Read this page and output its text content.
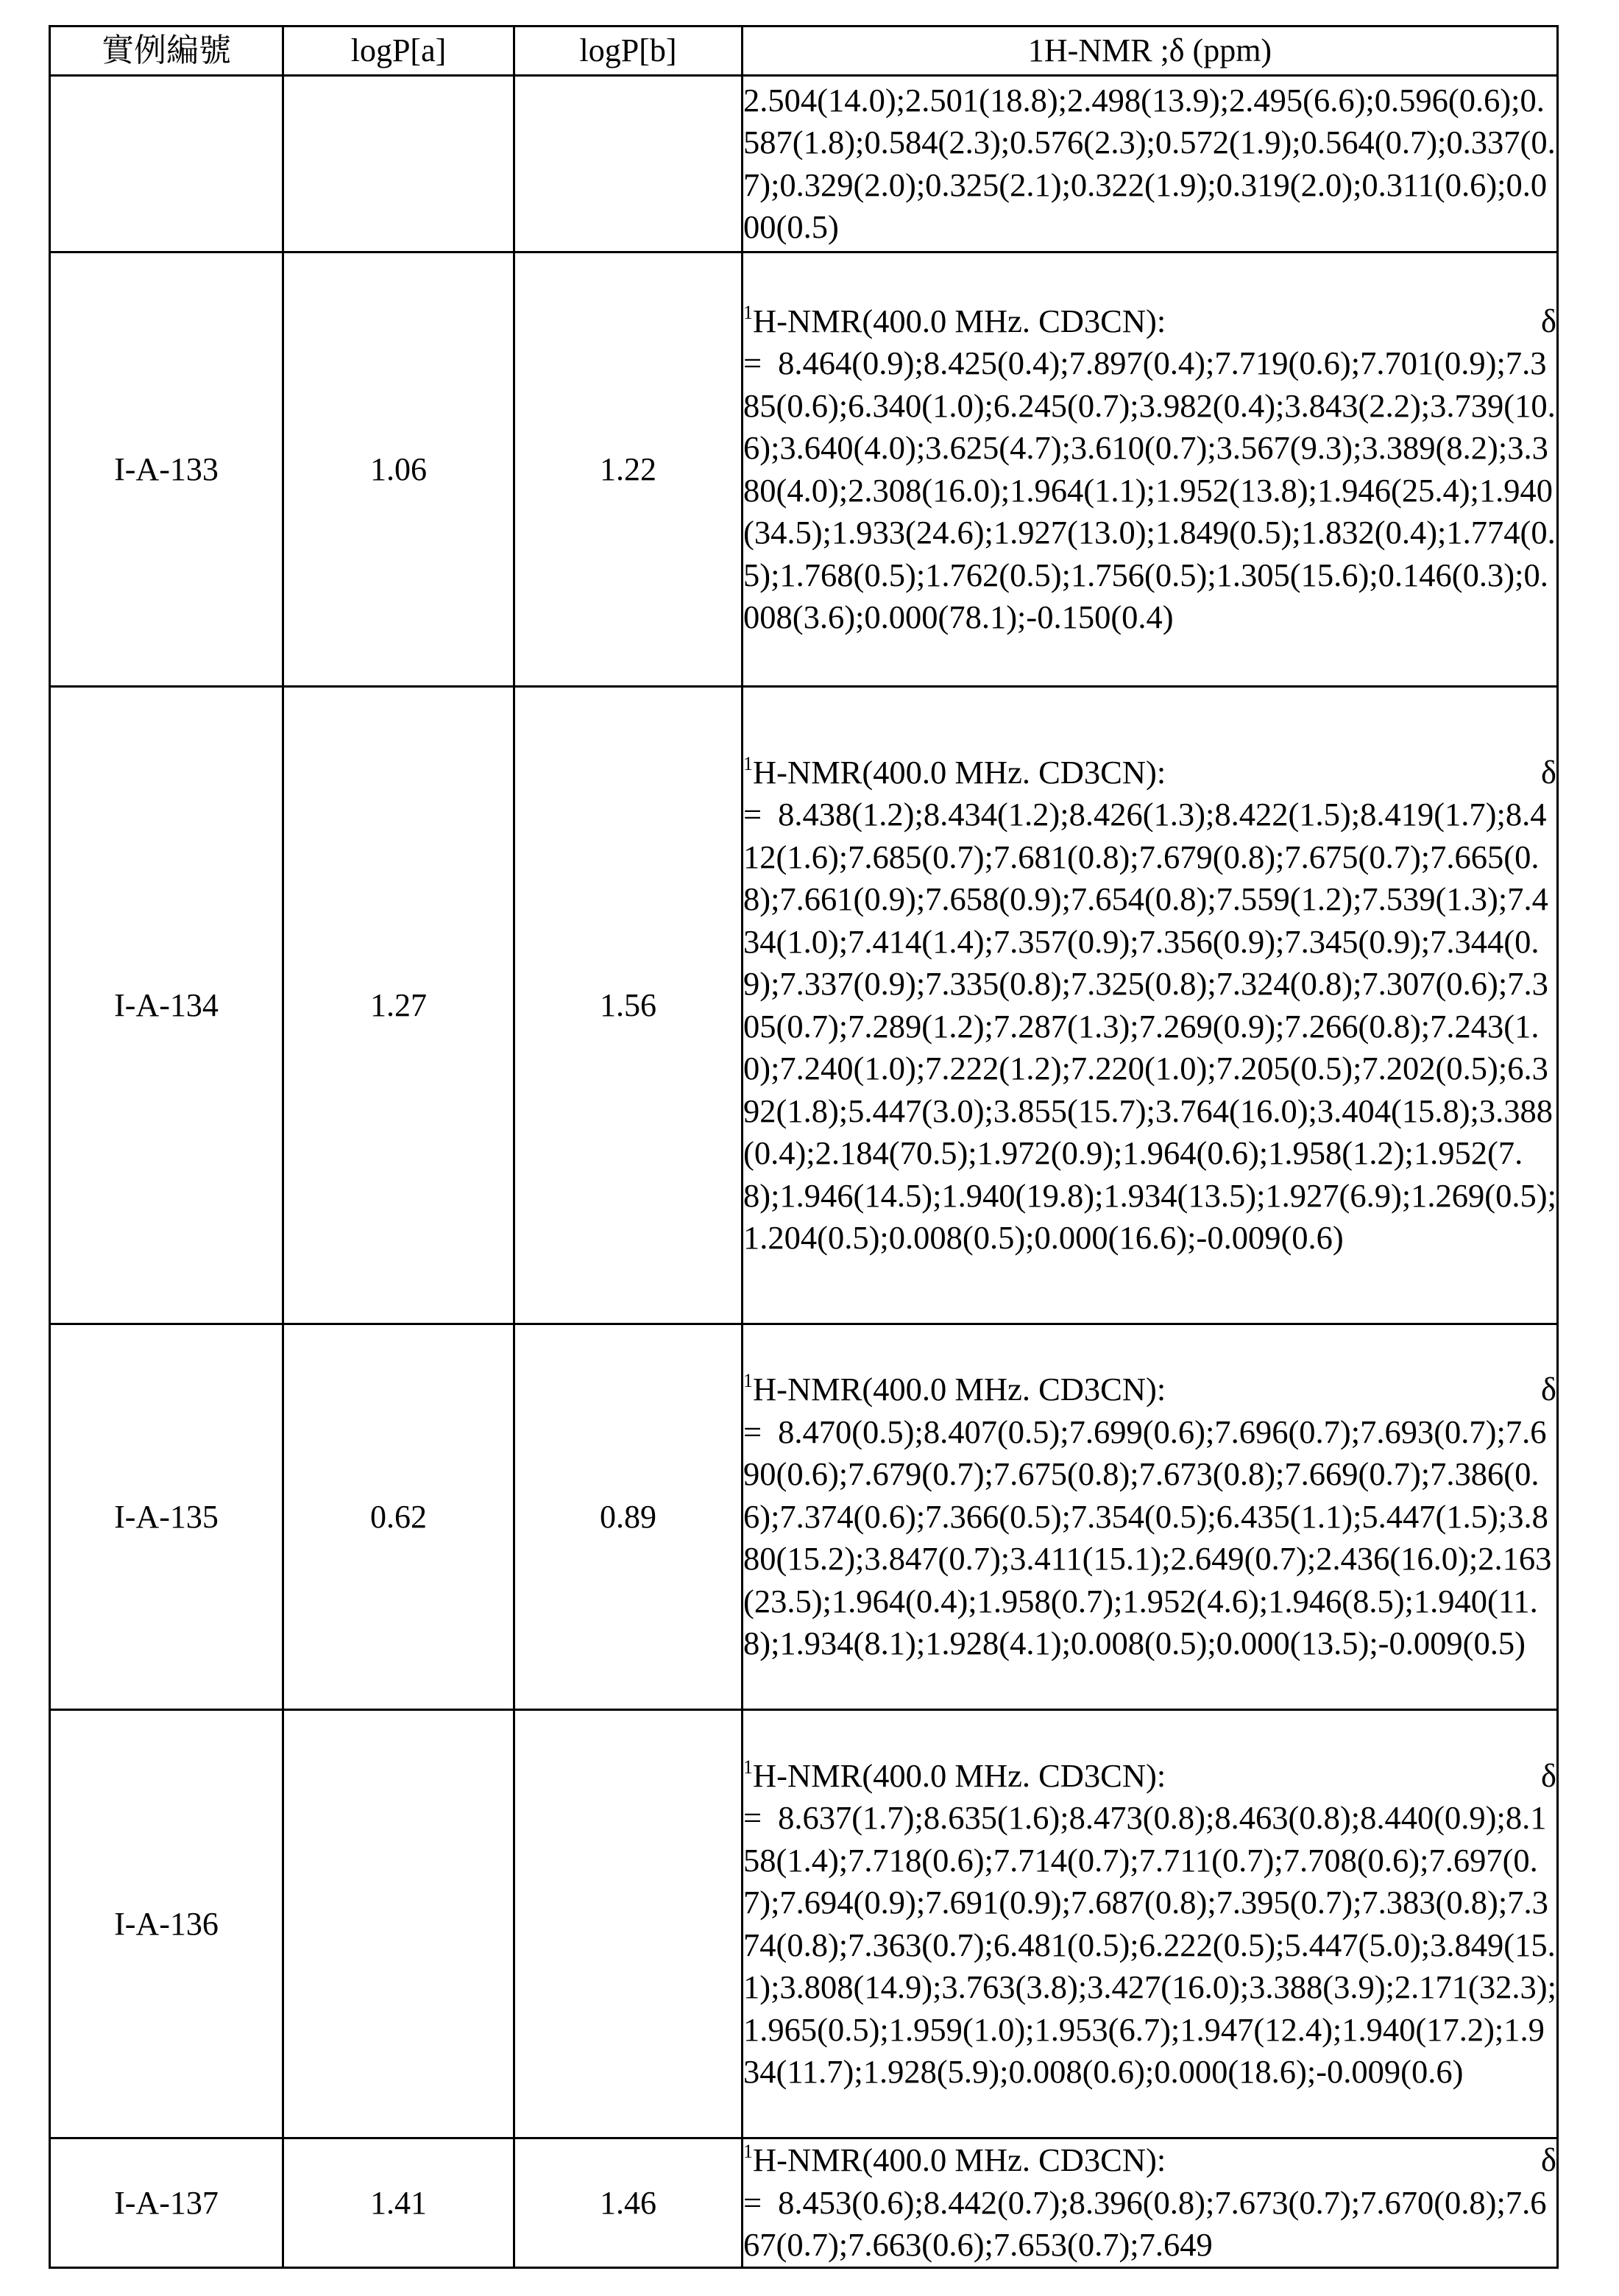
實例編號	logP[a]	logP[b]	1H-NMR ;δ (ppm)
			2.504(14.0);2.501(18.8);2.498(13.9);2.495(6.6);0.596(0.6);0.587(1.8);0.584(2.3);0.576(2.3);0.572(1.9);0.564(0.7);0.337(0.7);0.329(2.0);0.325(2.1);0.322(1.9);0.319(2.0);0.311(0.6);0.000(0.5)
I-A-133	1.06	1.22	$^1$H-NMR(400.0 MHz. CD3CN): δ
= 8.464(0.9);8.425(0.4);7.897(0.4);7.719(0.6);7.701(0.9);7.385(0.6);6.340(1.0);6.245(0.7);3.982(0.4);3.843(2.2);3.739(10.6);3.640(4.0);3.625(4.7);3.610(0.7);3.567(9.3);3.389(8.2);3.380(4.0);2.308(16.0);1.964(1.1);1.952(13.8);1.946(25.4);1.940(34.5);1.933(24.6);1.927(13.0);1.849(0.5);1.832(0.4);1.774(0.5);1.768(0.5);1.762(0.5);1.756(0.5);1.305(15.6);0.146(0.3);0.008(3.6);0.000(78.1);-0.150(0.4)
I-A-134	1.27	1.56	$^1$H-NMR(400.0 MHz. CD3CN): δ
= 8.438(1.2);8.434(1.2);8.426(1.3);8.422(1.5);8.419(1.7);8.412(1.6);7.685(0.7);7.681(0.8);7.679(0.8);7.675(0.7);7.665(0.8);7.661(0.9);7.658(0.9);7.654(0.8);7.559(1.2);7.539(1.3);7.434(1.0);7.414(1.4);7.357(0.9);7.356(0.9);7.345(0.9);7.344(0.9);7.337(0.9);7.335(0.8);7.325(0.8);7.324(0.8);7.307(0.6);7.305(0.7);7.289(1.2);7.287(1.3);7.269(0.9);7.266(0.8);7.243(1.0);7.240(1.0);7.222(1.2);7.220(1.0);7.205(0.5);7.202(0.5);6.392(1.8);5.447(3.0);3.855(15.7);3.764(16.0);3.404(15.8);3.388(0.4);2.184(70.5);1.972(0.9);1.964(0.6);1.958(1.2);1.952(7.8);1.946(14.5);1.940(19.8);1.934(13.5);1.927(6.9);1.269(0.5);1.204(0.5);0.008(0.5);0.000(16.6);-0.009(0.6)
I-A-135	0.62	0.89	$^1$H-NMR(400.0 MHz. CD3CN): δ
= 8.470(0.5);8.407(0.5);7.699(0.6);7.696(0.7);7.693(0.7);7.690(0.6);7.679(0.7);7.675(0.8);7.673(0.8);7.669(0.7);7.386(0.6);7.374(0.6);7.366(0.5);7.354(0.5);6.435(1.1);5.447(1.5);3.880(15.2);3.847(0.7);3.411(15.1);2.649(0.7);2.436(16.0);2.163(23.5);1.964(0.4);1.958(0.7);1.952(4.6);1.946(8.5);1.940(11.8);1.934(8.1);1.928(4.1);0.008(0.5);0.000(13.5);-0.009(0.5)
I-A-136			$^1$H-NMR(400.0 MHz. CD3CN): δ
= 8.637(1.7);8.635(1.6);8.473(0.8);8.463(0.8);8.440(0.9);8.158(1.4);7.718(0.6);7.714(0.7);7.711(0.7);7.708(0.6);7.697(0.7);7.694(0.9);7.691(0.9);7.687(0.8);7.395(0.7);7.383(0.8);7.374(0.8);7.363(0.7);6.481(0.5);6.222(0.5);5.447(5.0);3.849(15.1);3.808(14.9);3.763(3.8);3.427(16.0);3.388(3.9);2.171(32.3);1.965(0.5);1.959(1.0);1.953(6.7);1.947(12.4);1.940(17.2);1.934(11.7);1.928(5.9);0.008(0.6);0.000(18.6);-0.009(0.6)
I-A-137	1.41	1.46	$^1$H-NMR(400.0 MHz. CD3CN): δ
= 8.453(0.6);8.442(0.7);8.396(0.8);7.673(0.7);7.670(0.8);7.667(0.7);7.663(0.6);7.653(0.7);7.649
